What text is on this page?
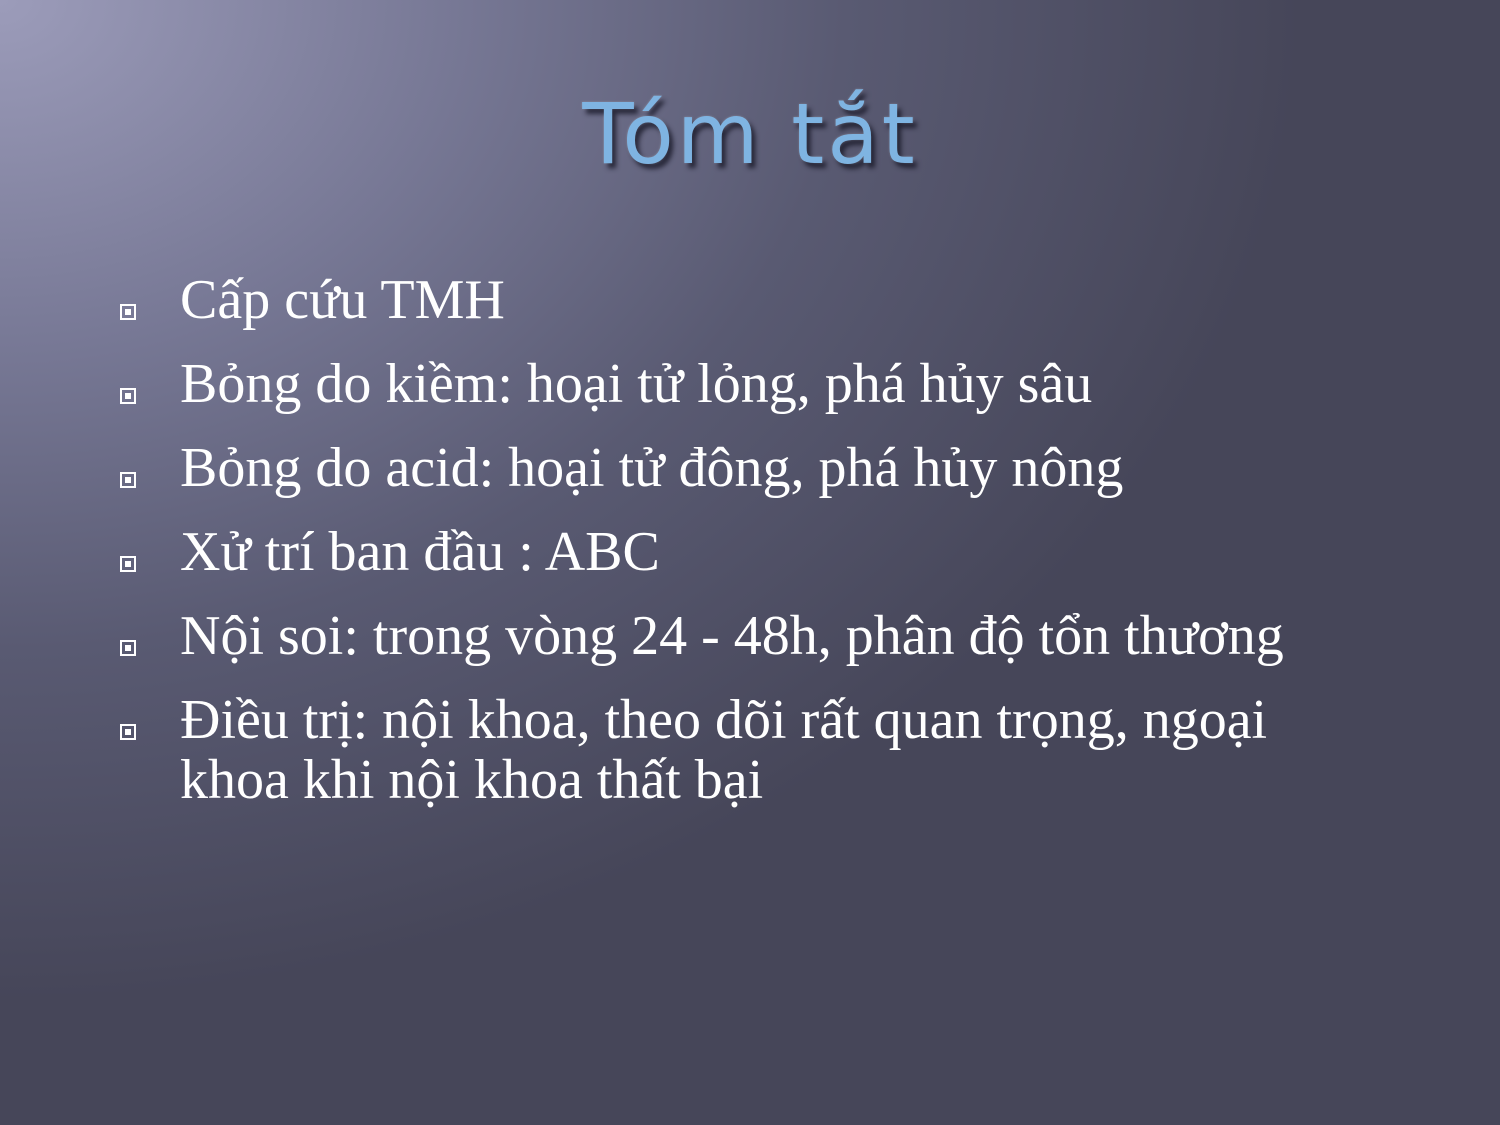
Tóm tắt
Cấp cứu TMH
Bỏng do kiềm: hoại tử lỏng, phá hủy sâu
Bỏng do acid: hoại tử đông, phá hủy nông
Xử trí ban đầu : ABC
Nội soi: trong vòng 24 - 48h, phân độ tổn thương
Điều trị: nội khoa, theo dõi rất quan trọng, ngoại khoa khi nội khoa thất bại
